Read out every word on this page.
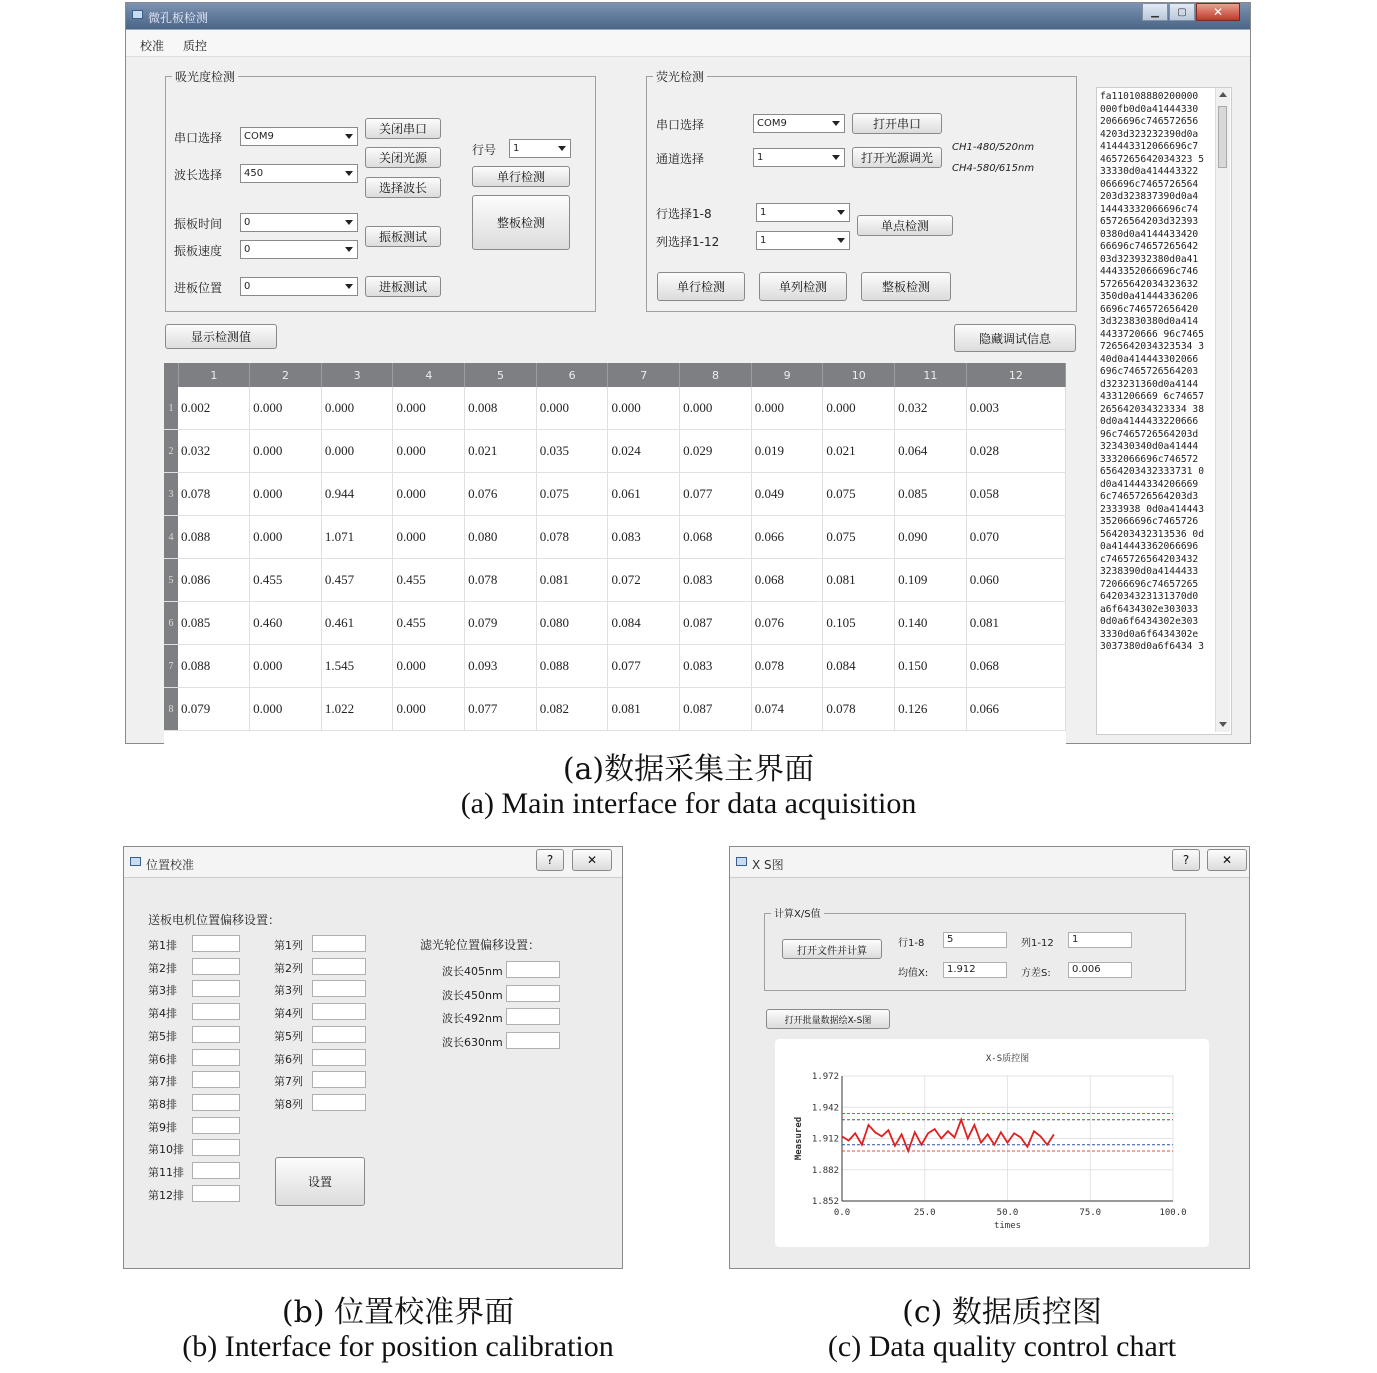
微孔板检测	▁	▢	✕
校准 质控
吸光度检测
串口选择 COM9
波长选择 450
振板时间 0
振板速度 0
进板位置 0
关闭串口
关闭光源
选择波长
振板测试
进板测试
行号 1
单行检测
整板检测
荧光检测
串口选择	COM9
通道选择	1
打开串口
打开光源调光
CH1-480/520nm
CH4-580/615nm
行选择1-8	1
列选择1-12	1
单点检测
单行检测	单列检测	整板检测
显示检测值	隐藏调试信息
	1	2	3	4	5	6	7	8	9	10	11	12
1	0.002	0.000	0.000	0.000	0.008	0.000	0.000	0.000	0.000	0.000	0.032	0.003
2	0.032	0.000	0.000	0.000	0.021	0.035	0.024	0.029	0.019	0.021	0.064	0.028
3	0.078	0.000	0.944	0.000	0.076	0.075	0.061	0.077	0.049	0.075	0.085	0.058
4	0.088	0.000	1.071	0.000	0.080	0.078	0.083	0.068	0.066	0.075	0.090	0.070
5	0.086	0.455	0.457	0.455	0.078	0.081	0.072	0.083	0.068	0.081	0.109	0.060
6	0.085	0.460	0.461	0.455	0.079	0.080	0.084	0.087	0.076	0.105	0.140	0.081
7	0.088	0.000	1.545	0.000	0.093	0.088	0.077	0.083	0.078	0.084	0.150	0.068
8	0.079	0.000	1.022	0.000	0.077	0.082	0.081	0.087	0.074	0.078	0.126	0.066
fa110108880200000
000fb0d0a41444330
2066696c746572656
4203d323232390d0a
414443312066696c7
4657265642034323 5
33330d0a414443322
066696c7465726564
203d323837390d0a4
14443332066696c74
65726564203d32393
0380d0a4144433420
66696c74657265642
03d323932380d0a41
4443352066696c746
57265642034323632
350d0a41444336206
6696c746572656420
3d323830380d0a414
4433720666 96c7465
7265642034323534 3
40d0a414443302066
696c7465726564203
d323231360d0a4144
4331206669 6c74657
265642034323334 38
0d0a4144433220666
96c7465726564203d
323430340d0a41444
3332066696c746572
6564203432333731 0
d0a41444334206669
6c7465726564203d3
2333938 0d0a414443
352066696c7465726
564203432313536 0d
0a414443362066696
c7465726564203432
3238390d0a4144433
72066696c74657265
642034323131370d0
a6f6434302e303033
0d0a6f6434302e303
3330d0a6f6434302e
3037380d0a6f6434 3
(a)数据采集主界面
(a) Main interface for data acquisition
位置校准	?	✕
送板电机位置偏移设置：
第1排
第2排
第3排
第4排
第5排
第6排
第7排
第8排
第9排
第10排
第11排
第12排
第1列
第2列
第3列
第4列
第5列
第6列
第7列
第8列
滤光轮位置偏移设置：
波长405nm
波长450nm
波长492nm
波长630nm
设置
X S图	?	✕
计算X/S值
打开文件并计算
行1-8	5	列1-12	1
均值X:	1.912	方差S:	0.006
打开批量数据绘X-S图
0.0	25.0	50.0	75.0	100.0
1.972
1.942
1.912
1.882
1.852
X-S质控图
times
Measured
(b) 位置校准界面
(b) Interface for position calibration
(c) 数据质控图
(c) Data quality control chart
